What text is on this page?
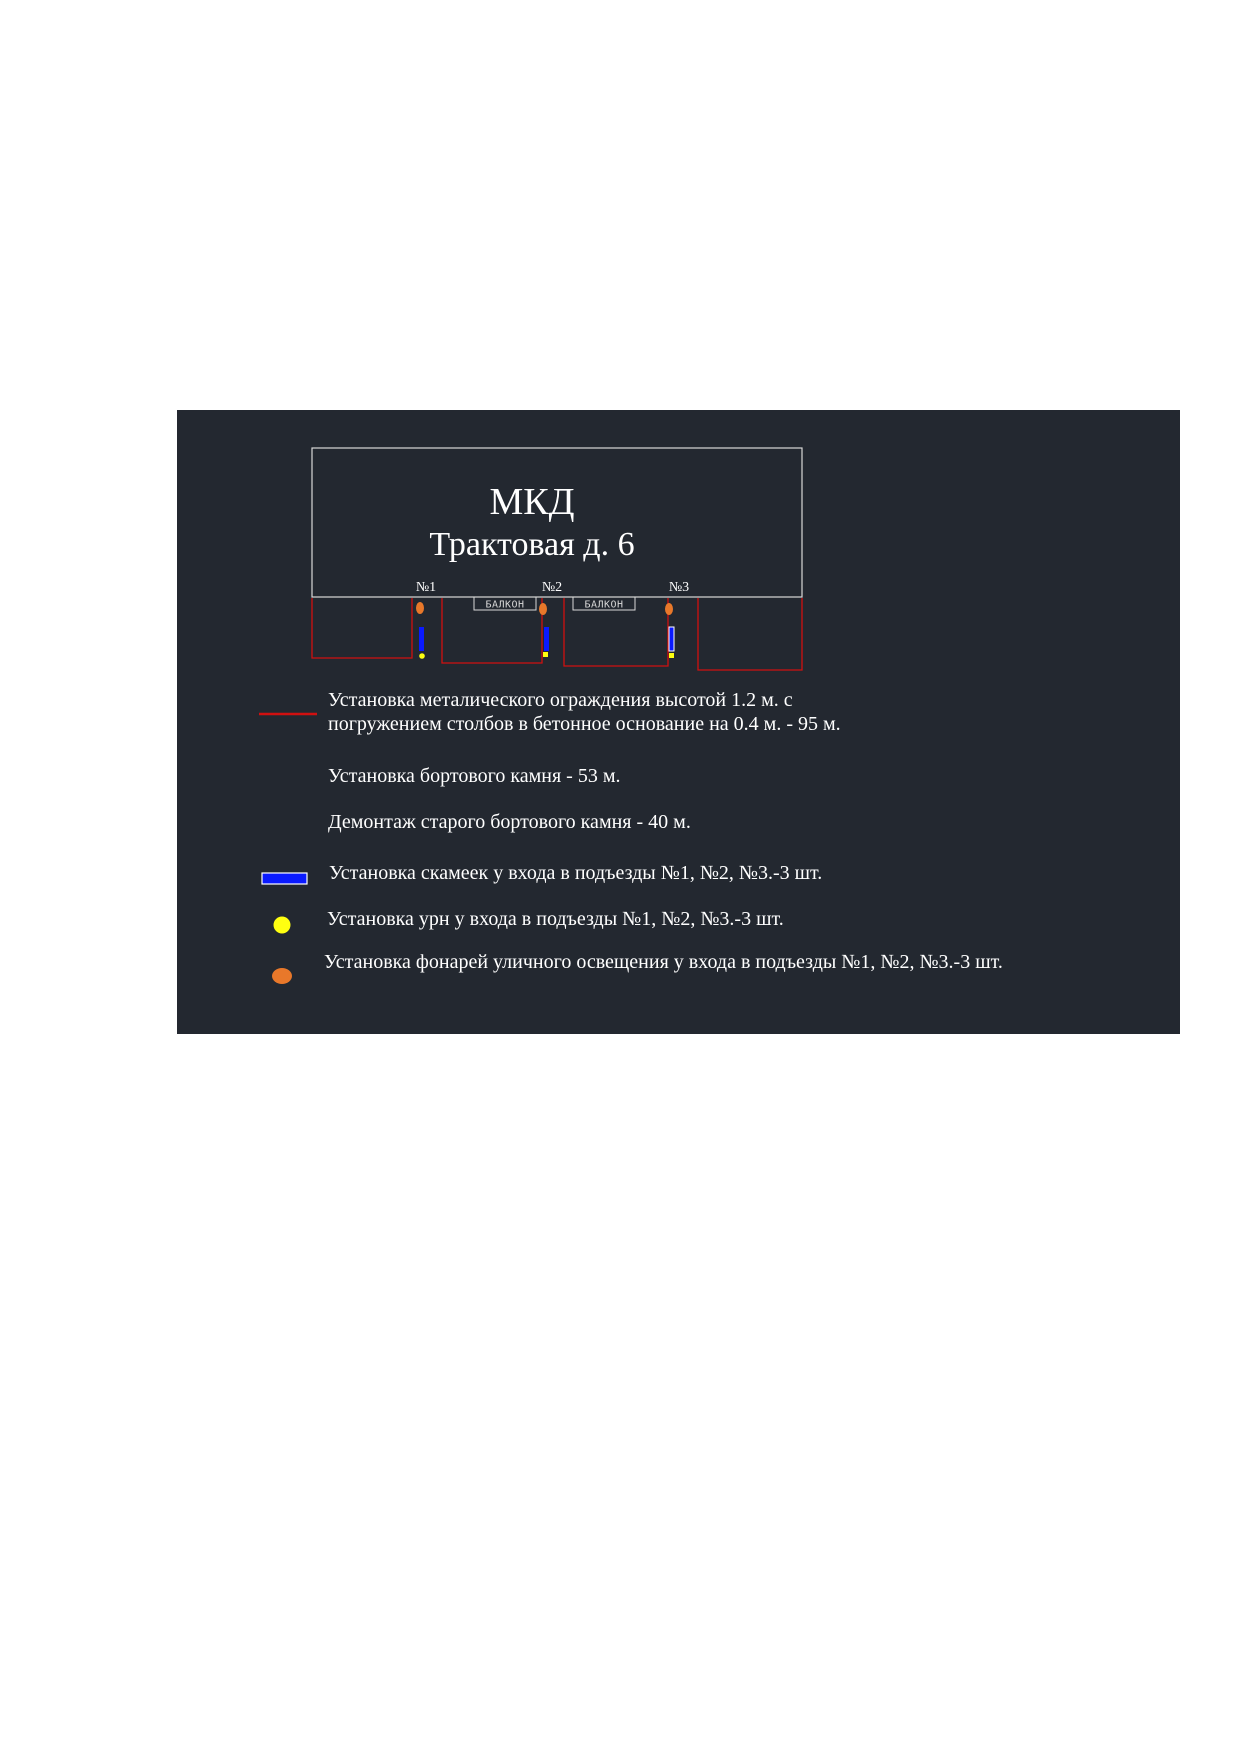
МКД
Трактовая д. 6
№1	№2	№3
БАЛКОН	БАЛКОН
Установка металического ограждения высотой 1.2 м. с
погружением столбов в бетонное основание на 0.4 м. - 95 м.
Установка бортового камня - 53 м.
Демонтаж старого бортового камня - 40 м.
Установка скамеек у входа в подъезды №1, №2, №3.-3 шт.
Установка урн у входа в подъезды №1, №2, №3.-3 шт.
Установка фонарей уличного освещения у входа в подъезды №1, №2, №3.-3 шт.
